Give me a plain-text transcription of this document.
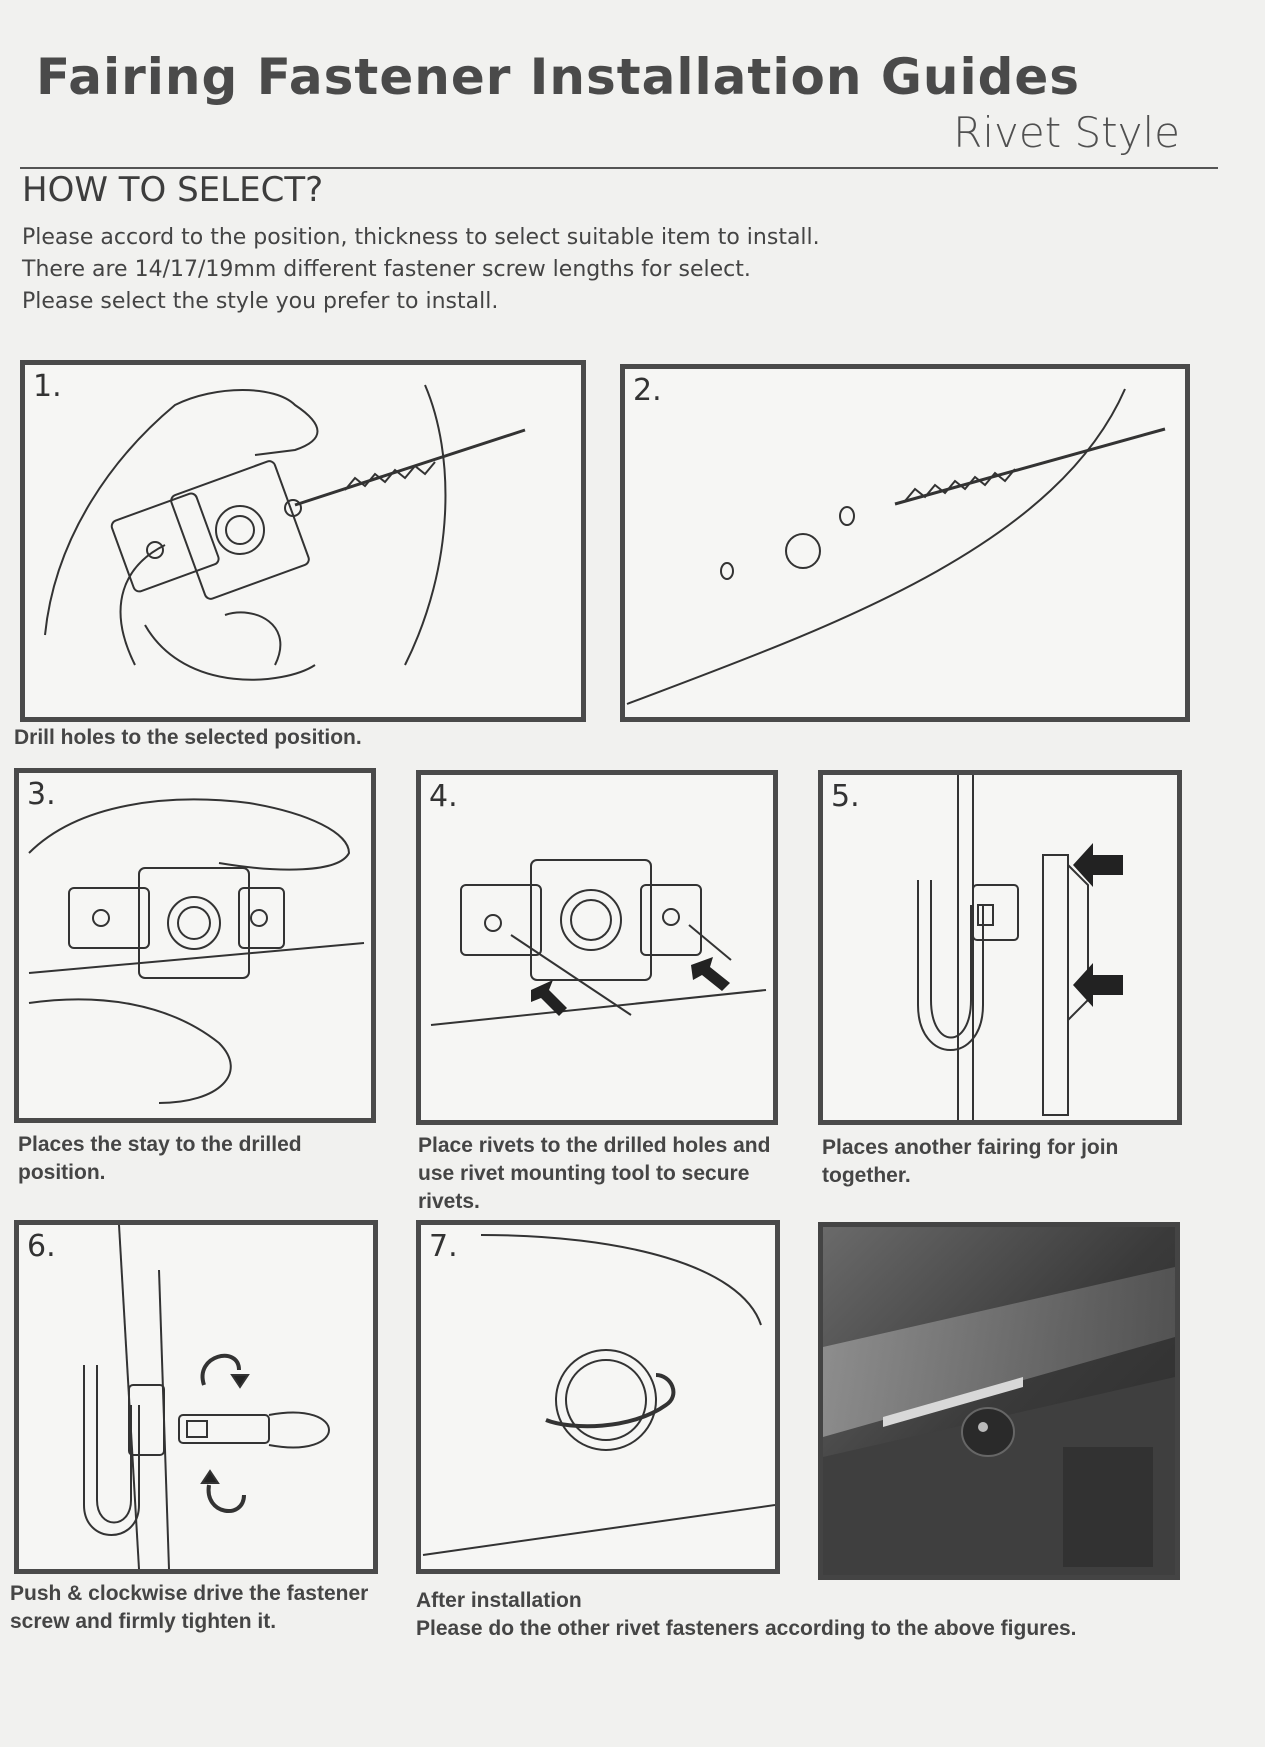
Fairing Fastener Installation Guides
Rivet Style
HOW TO SELECT?
Please accord to the position, thickness to select suitable item to install.
There are 14/17/19mm different fastener screw lengths for select.
Please select the style you prefer to install.
1.	2.
Drill holes to the selected position.
3.	4.	5.
Places the stay to the drilled position.
Place rivets to the drilled holes and use rivet mounting tool to secure rivets.
Places another fairing for join together.
6.	7.
Push & clockwise drive the fastener screw and firmly tighten it.
After installation
Please do the other rivet fasteners according to the above figures.
